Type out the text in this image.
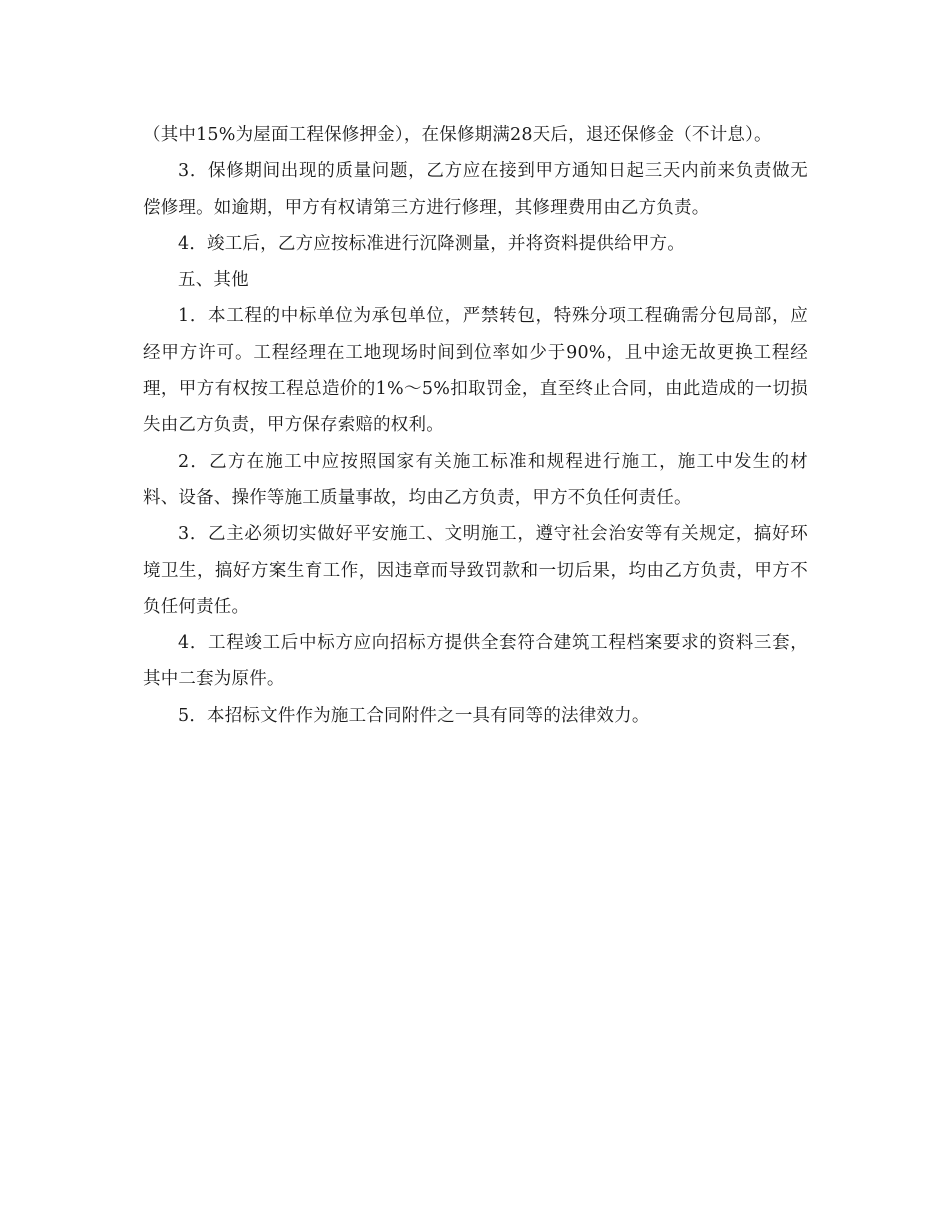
（其中15%为屋面工程保修押金），在保修期满28天后，退还保修金（不计息）。

3．保修期间出现的质量问题，乙方应在接到甲方通知日起三天内前来负责做无偿修理。如逾期，甲方有权请第三方进行修理，其修理费用由乙方负责。

4．竣工后，乙方应按标准进行沉降测量，并将资料提供给甲方。

五、其他

1．本工程的中标单位为承包单位，严禁转包，特殊分项工程确需分包局部，应经甲方许可。工程经理在工地现场时间到位率如少于90%，且中途无故更换工程经理，甲方有权按工程总造价的1%～5%扣取罚金，直至终止合同，由此造成的一切损失由乙方负责，甲方保存索赔的权利。

2．乙方在施工中应按照国家有关施工标准和规程进行施工，施工中发生的材料、设备、操作等施工质量事故，均由乙方负责，甲方不负任何责任。

3．乙主必须切实做好平安施工、文明施工，遵守社会治安等有关规定，搞好环境卫生，搞好方案生育工作，因违章而导致罚款和一切后果，均由乙方负责，甲方不负任何责任。

4．工程竣工后中标方应向招标方提供全套符合建筑工程档案要求的资料三套，其中二套为原件。

5．本招标文件作为施工合同附件之一具有同等的法律效力。
